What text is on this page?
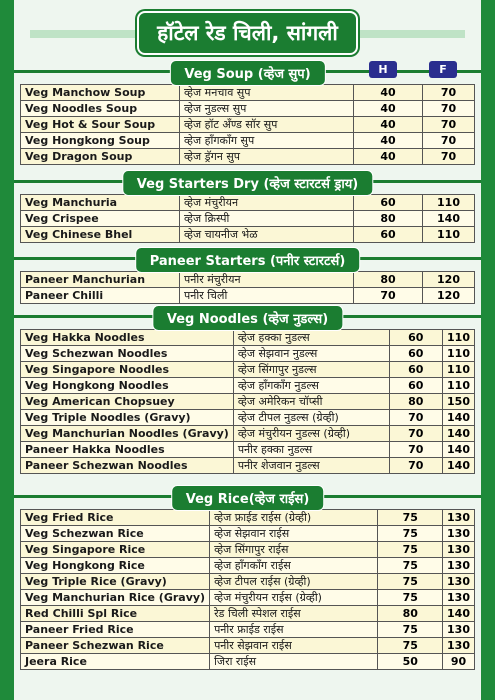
हॉटेल रेड चिली, सांगली
Veg Soup (व्हेज सुप)	H	F
Veg Manchow Soup	व्हेज मनचाव सुप	40	70
Veg Noodles Soup	व्हेज नुडल्स सुप	40	70
Veg Hot & Sour Soup	व्हेज हॉट अँण्ड सॉर सुप	40	70
Veg Hongkong Soup	व्हेज हॉंगकॉंग सुप	40	70
Veg Dragon Soup	व्हेज ड्रॅगन सुप	40	70
Veg Starters Dry (व्हेज स्टारटर्स ड्राय)
Veg Manchuria	व्हेज मंचुरीयन	60	110
Veg Crispee	व्हेज क्रिस्पी	80	140
Veg Chinese Bhel	व्हेज चायनीज भेळ	60	110
Paneer Starters (पनीर स्टारटर्स)
Paneer Manchurian	पनीर मंचुरीयन	80	120
Paneer Chilli	पनीर चिली	70	120
Veg Noodles (व्हेज नुडल्स)
Veg Hakka Noodles	व्हेज हक्का नुडल्स	60	110
Veg Schezwan Noodles	व्हेज सेझवान नुडल्स	60	110
Veg Singapore Noodles	व्हेज सिंगापुर नुडल्स	60	110
Veg Hongkong Noodles	व्हेज हॉंगकॉंग नुडल्स	60	110
Veg American Chopsuey	व्हेज अमेरिकन चॉप्सी	80	150
Veg Triple Noodles (Gravy)	व्हेज टीपल नुडल्स (ग्रेव्ही)	70	140
Veg Manchurian Noodles (Gravy)	व्हेज मंचुरीयन नुडल्स (ग्रेव्ही)	70	140
Paneer Hakka Noodles	पनीर हक्का नुडल्स	70	140
Paneer Schezwan Noodles	पनीर शेजवान नुडल्स	70	140
Veg Rice(व्हेज राईस)
Veg Fried Rice	व्हेज फ्राईड राईस (ग्रेव्ही)	75	130
Veg Schezwan Rice	व्हेज सेझवान राईस	75	130
Veg Singapore Rice	व्हेज सिंगापुर राईस	75	130
Veg Hongkong Rice	व्हेज हॉंगकॉंग राईस	75	130
Veg Triple Rice (Gravy)	व्हेज टीपल राईस (ग्रेव्ही)	75	130
Veg Manchurian Rice (Gravy)	व्हेज मंचुरीयन राईस (ग्रेव्ही)	75	130
Red Chilli Spl Rice	रेड चिली स्पेशल राईस	80	140
Paneer Fried Rice	पनीर फ्राईड राईस	75	130
Paneer Schezwan Rice	पनीर सेझवान राईस	75	130
Jeera Rice	जिरा राईस	50	90
